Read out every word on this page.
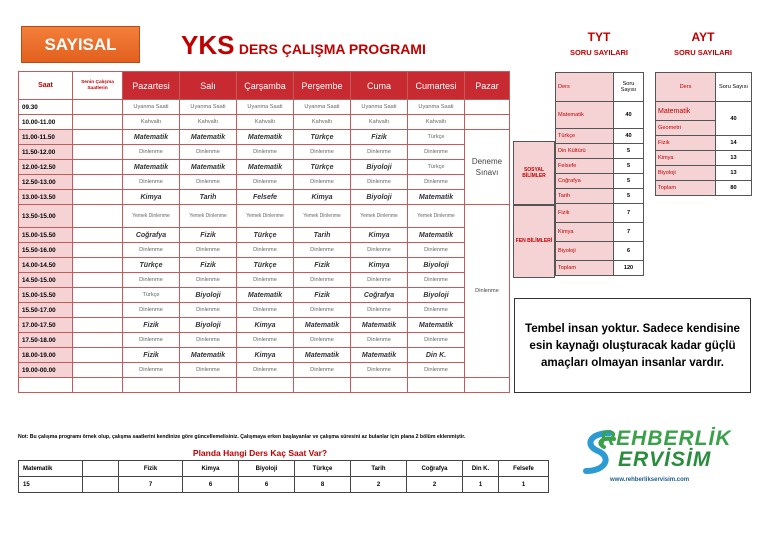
SAYISAL	YKS DERS ÇALIŞMA PROGRAMI
TYT
SORU SAYILARI
AYT
SORU SAYILARI
Saat	Senin Çalışma Saatlerin	Pazartesi	Salı	Çarşamba	Perşembe	Cuma	Cumartesi	Pazar
09.30		Uyanma Saati	Uyanma Saati	Uyanma Saati	Uyanma Saati	Uyanma Saati	Uyanma Saati	
10.00-11.00		Kahvaltı	Kahvaltı	Kahvaltı	Kahvaltı	Kahvaltı	Kahvaltı	
11.00-11.50		Matematik	Matematik	Matematik	Türkçe	Fizik	Türkçe	Deneme Sınavı
11.50-12.00		Dinlenme	Dinlenme	Dinlenme	Dinlenme	Dinlenme	Dinlenme	
12.00-12.50		Matematik	Matematik	Matematik	Türkçe	Biyoloji	Türkçe	
12.50-13.00		Dinlenme	Dinlenme	Dinlenme	Dinlenme	Dinlenme	Dinlenme	
13.00-13.50		Kimya	Tarih	Felsefe	Kimya	Biyoloji	Matematik	
13.50-15.00		Yemek Dinlenme	Yemek Dinlenme	Yemek Dinlenme	Yemek Dinlenme	Yemek Dinlenme	Yemek Dinlenme	Dinlenme
15.00-15.50		Coğrafya	Fizik	Türkçe	Tarih	Kimya	Matematik	
15.50-16.00		Dinlenme	Dinlenme	Dinlenme	Dinlenme	Dinlenme	Dinlenme	
14.00-14.50		Türkçe	Fizik	Türkçe	Fizik	Kimya	Biyoloji	
14.50-15.00		Dinlenme	Dinlenme	Dinlenme	Dinlenme	Dinlenme	Dinlenme	
15.00-15.50		Türkçe	Biyoloji	Matematik	Fizik	Coğrafya	Biyoloji	
15.50-17.00		Dinlenme	Dinlenme	Dinlenme	Dinlenme	Dinlenme	Dinlenme	
17.00-17.50		Fizik	Biyoloji	Kimya	Matematik	Matematik	Matematik	
17.50-18.00		Dinlenme	Dinlenme	Dinlenme	Dinlenme	Dinlenme	Dinlenme	
18.00-19.00		Fizik	Matematik	Kimya	Matematik	Matematik	Din K.	
19.00-00.00		Dinlenme	Dinlenme	Dinlenme	Dinlenme	Dinlenme	Dinlenme	

Not: Bu çalışma programı örnek olup, çalışma saatlerini kendinize göre güncellemelisiniz. Çalışmaya erken başlayanlar ve çalışma süresini az bulanlar için plana 2 bölüm eklenmiştir.
Planda Hangi Ders Kaç Saat Var?
Matematik		Fizik	Kimya	Biyoloji	Türkçe	Tarih	Coğrafya	Din K.	Felsefe
15		7	6	6	8	2	2	1	1
SOSYAL BİLİMLER
FEN BİLİMLERİ
Ders	Soru Sayısı
Matematik	40
Türkçe	40
Din Kültürü	5
Felsefe	5
Coğrafya	5
Tarih	5
Fizik	7
Kimya	7
Biyoloji	6
Toplam	120
Ders	Soru Sayısı
Matematik	40
Geometri	
Fizik	14
Kimya	13
Biyoloji	13
Toplam	80
Tembel insan yoktur. Sadece kendisine esin kaynağı oluşturacak kadar güçlü amaçları olmayan insanlar vardır.
REHBERLİK
ERVİSİM
www.rehberlikservisim.com
